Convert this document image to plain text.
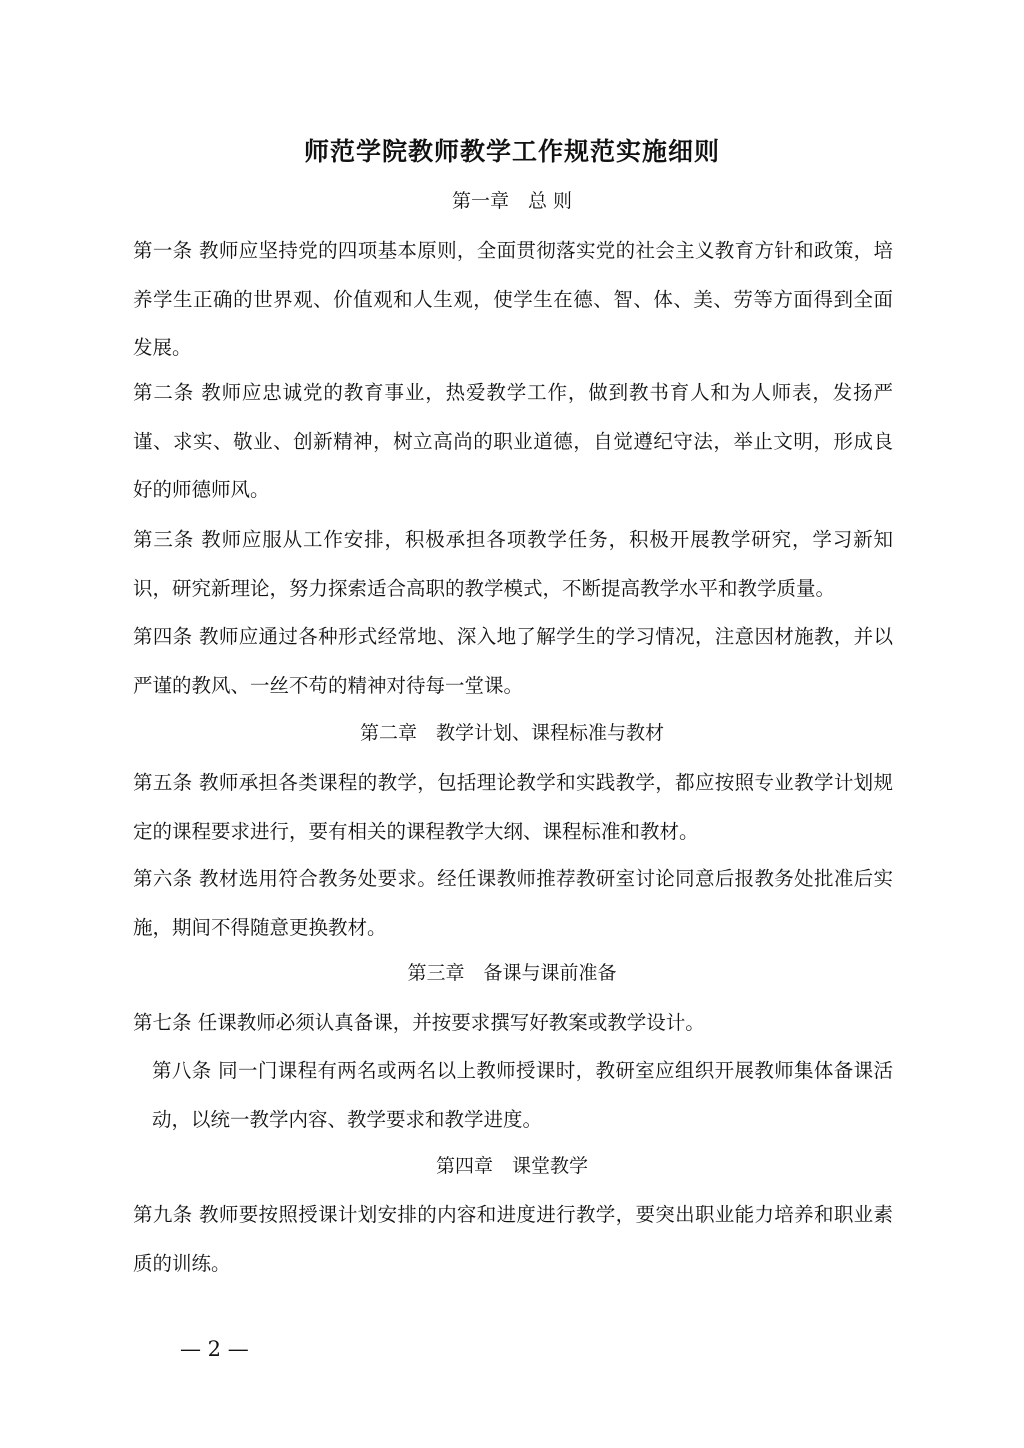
师范学院教师教学工作规范实施细则
第一章　总 则
第一条 教师应坚持党的四项基本原则，全面贯彻落实党的社会主义教育方针和政策，培养学生正确的世界观、价值观和人生观，使学生在德、智、体、美、劳等方面得到全面发展。
第二条 教师应忠诚党的教育事业，热爱教学工作，做到教书育人和为人师表，发扬严谨、求实、敬业、创新精神，树立高尚的职业道德，自觉遵纪守法，举止文明，形成良好的师德师风。
第三条 教师应服从工作安排，积极承担各项教学任务，积极开展教学研究，学习新知识，研究新理论，努力探索适合高职的教学模式，不断提高教学水平和教学质量。
第四条 教师应通过各种形式经常地、深入地了解学生的学习情况，注意因材施教，并以严谨的教风、一丝不苟的精神对待每一堂课。
第二章　教学计划、课程标准与教材
第五条 教师承担各类课程的教学，包括理论教学和实践教学，都应按照专业教学计划规定的课程要求进行，要有相关的课程教学大纲、课程标准和教材。
第六条 教材选用符合教务处要求。经任课教师推荐教研室讨论同意后报教务处批准后实施，期间不得随意更换教材。
第三章　备课与课前准备
第七条 任课教师必须认真备课，并按要求撰写好教案或教学设计。
第八条 同一门课程有两名或两名以上教师授课时，教研室应组织开展教师集体备课活动，以统一教学内容、教学要求和教学进度。
第四章　课堂教学
第九条 教师要按照授课计划安排的内容和进度进行教学，要突出职业能力培养和职业素质的训练。
— 2 —
